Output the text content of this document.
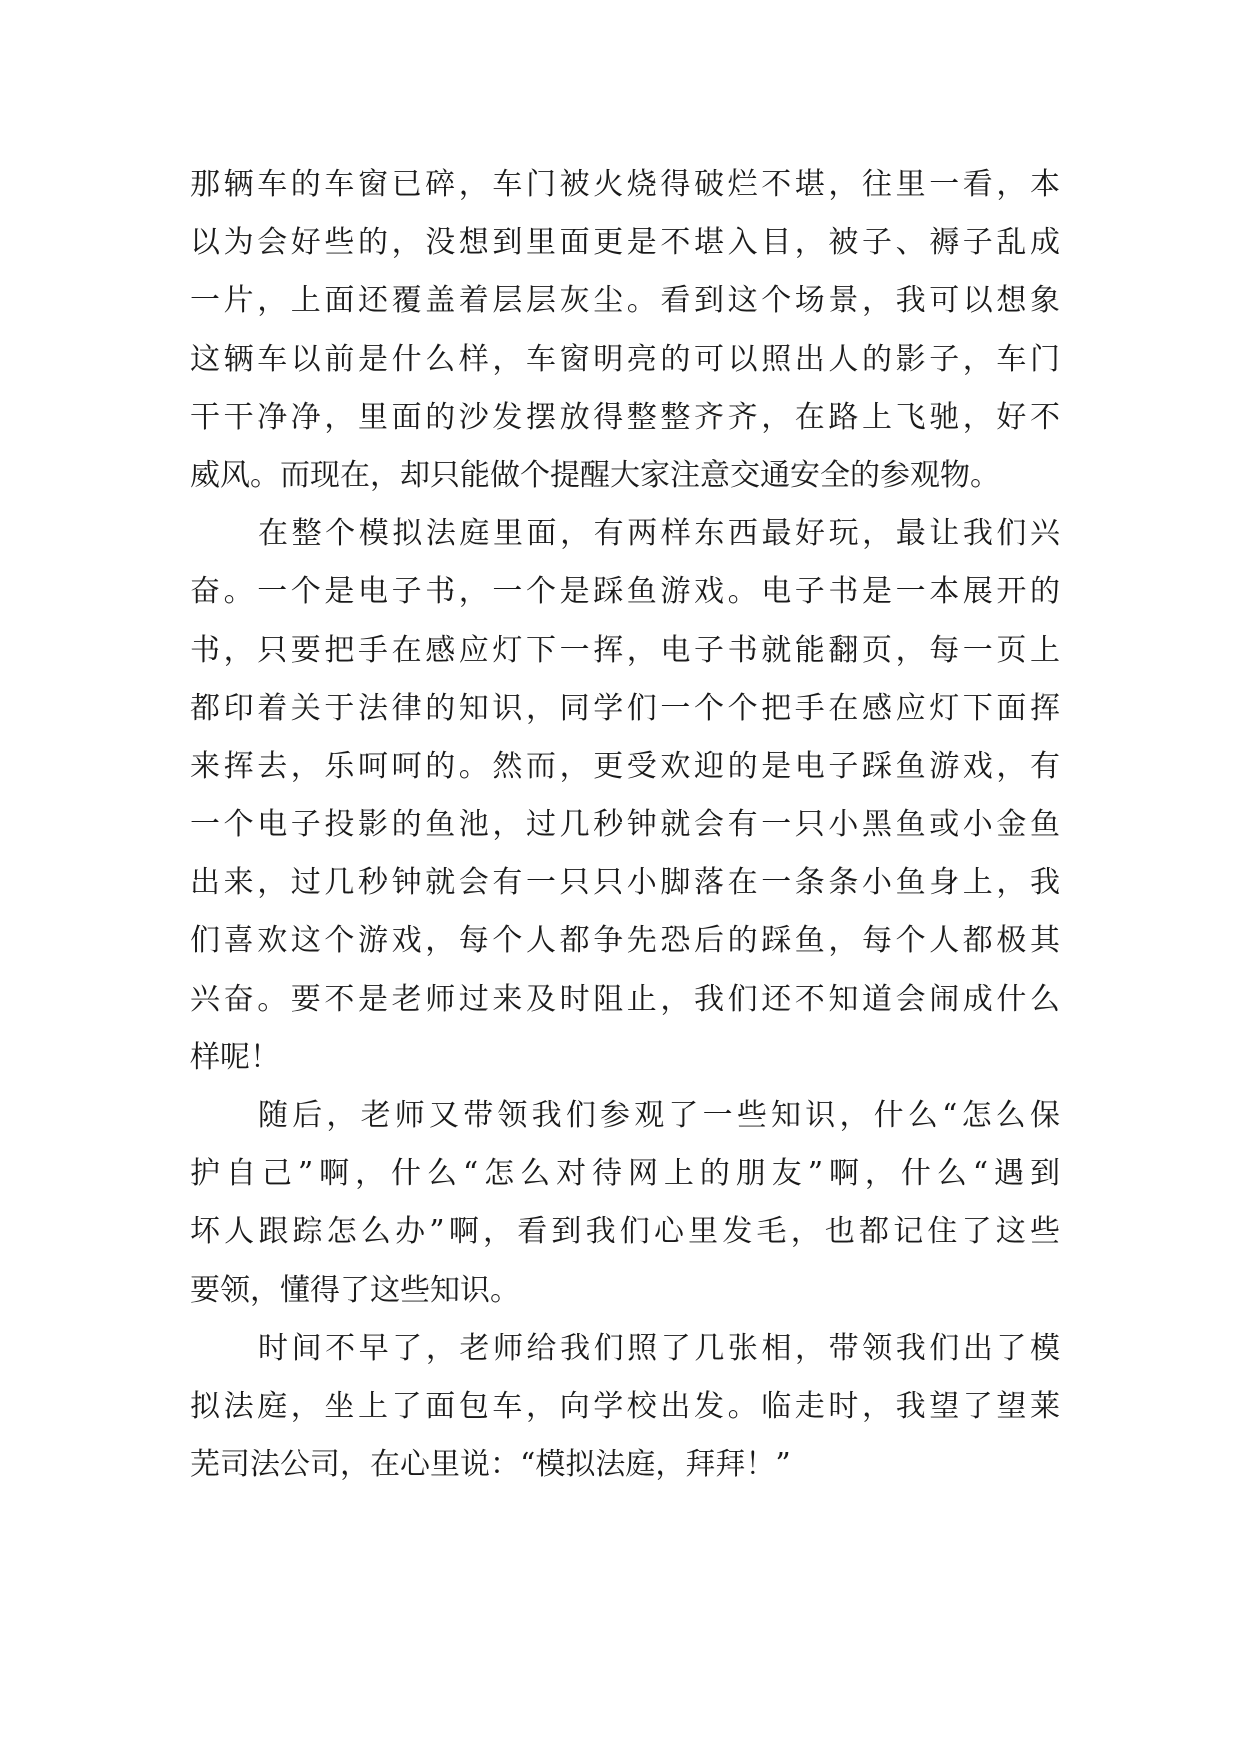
那辆车的车窗已碎，车门被火烧得破烂不堪，往里一看，本
以为会好些的，没想到里面更是不堪入目，被子、褥子乱成
一片，上面还覆盖着层层灰尘。看到这个场景，我可以想象
这辆车以前是什么样，车窗明亮的可以照出人的影子，车门
干干净净，里面的沙发摆放得整整齐齐，在路上飞驰，好不
威风。而现在，却只能做个提醒大家注意交通安全的参观物。
在整个模拟法庭里面，有两样东西最好玩，最让我们兴
奋。一个是电子书，一个是踩鱼游戏。电子书是一本展开的
书，只要把手在感应灯下一挥，电子书就能翻页，每一页上
都印着关于法律的知识，同学们一个个把手在感应灯下面挥
来挥去，乐呵呵的。然而，更受欢迎的是电子踩鱼游戏，有
一个电子投影的鱼池，过几秒钟就会有一只小黑鱼或小金鱼
出来，过几秒钟就会有一只只小脚落在一条条小鱼身上，我
们喜欢这个游戏，每个人都争先恐后的踩鱼，每个人都极其
兴奋。要不是老师过来及时阻止，我们还不知道会闹成什么
样呢！
随后，老师又带领我们参观了一些知识，什么“怎么保
护自己”啊，什么“怎么对待网上的朋友”啊，什么“遇到
坏人跟踪怎么办”啊，看到我们心里发毛，也都记住了这些
要领，懂得了这些知识。
时间不早了，老师给我们照了几张相，带领我们出了模
拟法庭，坐上了面包车，向学校出发。临走时，我望了望莱
芜司法公司，在心里说：“模拟法庭，拜拜！”
